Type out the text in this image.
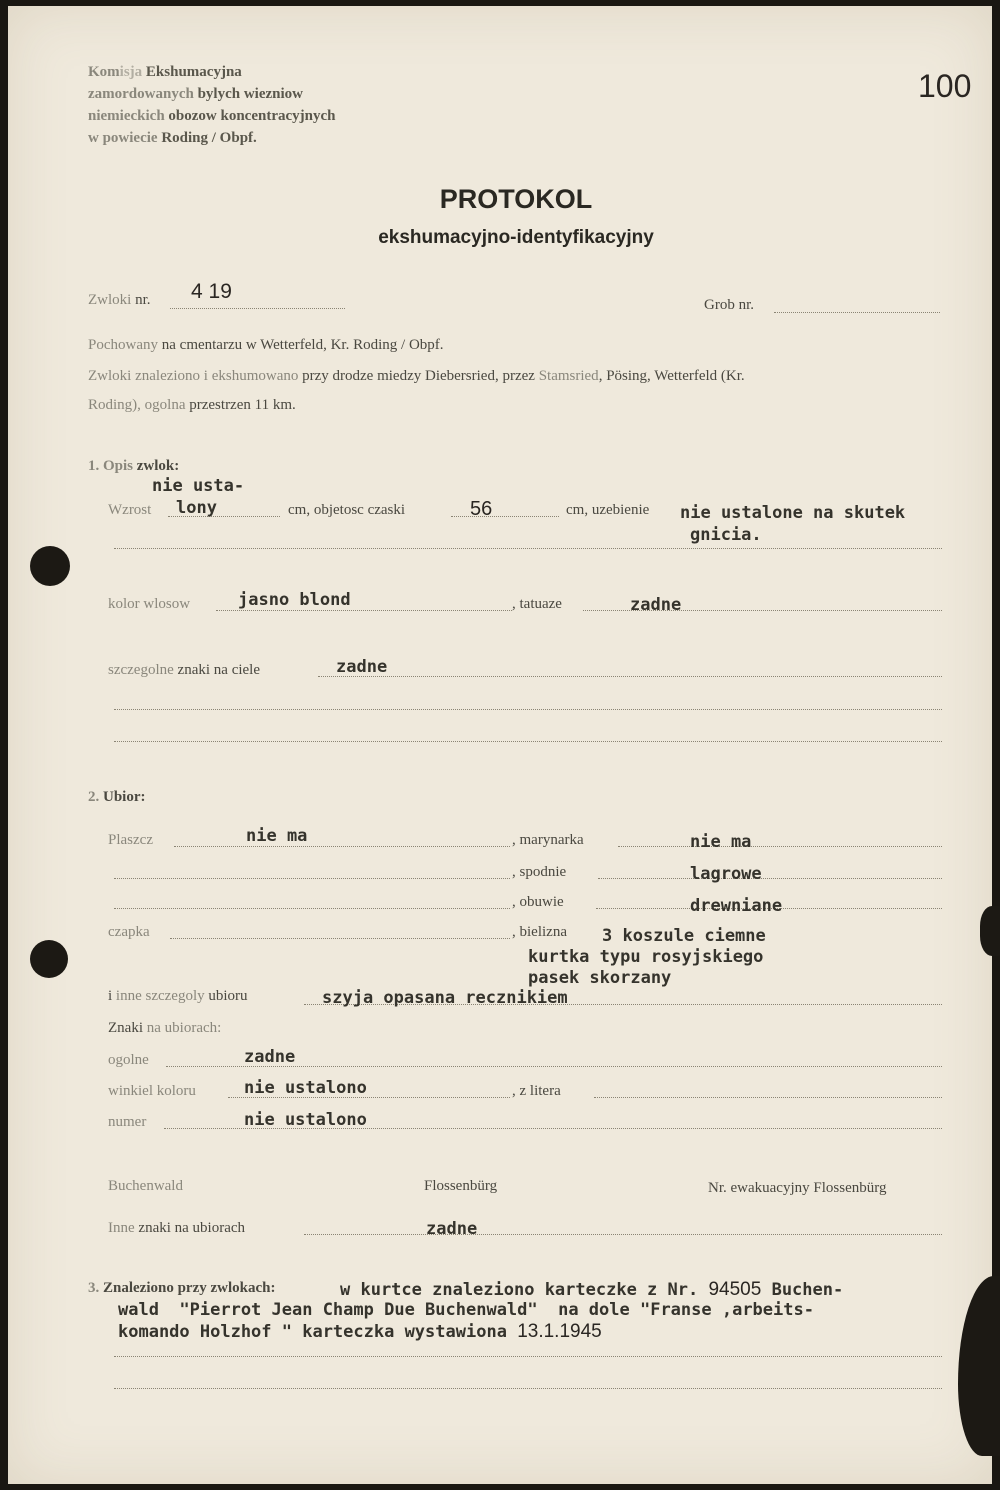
Komisja Ekshumacyjna
zamordowanych bylych wiezniow
niemieckich obozow koncentracyjnych
w powiecie Roding / Obpf.
100
PROTOKOL
ekshumacyjno-identyfikacyjny
Zwloki nr. 4 19
Grob nr.
Pochowany na cmentarzu w Wetterfeld, Kr. Roding / Obpf.
Zwloki znaleziono i ekshumowano przy drodze miedzy Diebersried, przez Stamsried, Pösing, Wetterfeld (Kr.
Roding), ogolna przestrzen 11 km.
1. Opis zwlok:
nie usta-
Wzrost lony	cm, objetosc czaski	56	cm, uzebienie nie ustalone na skutek
gnicia.
kolor wlosow	jasno blond	, tatuaze	zadne
szczegolne znaki na ciele	zadne
2. Ubior:
Plaszcz	nie ma	, marynarka	nie ma
, spodnie	lagrowe
, obuwie	drewniane
czapka	, bielizna 3 koszule ciemne
kurtka typu rosyjskiego
pasek skorzany
i inne szczegoly ubioru	szyja opasana recznikiem
Znaki na ubiorach:
ogolne	zadne
winkiel koloru	nie ustalono	, z litera
numer	nie ustalono
Buchenwald	Flossenbürg	Nr. ewakuacyjny Flossenbürg
Inne znaki na ubiorach	zadne
3. Znaleziono przy zwlokach:	w kurtce znaleziono karteczke z Nr. 94505 Buchen-
wald  "Pierrot Jean Champ Due Buchenwald"  na dole "Franse ,arbeits-
komando Holzhof " karteczka wystawiona 13.1.1945
